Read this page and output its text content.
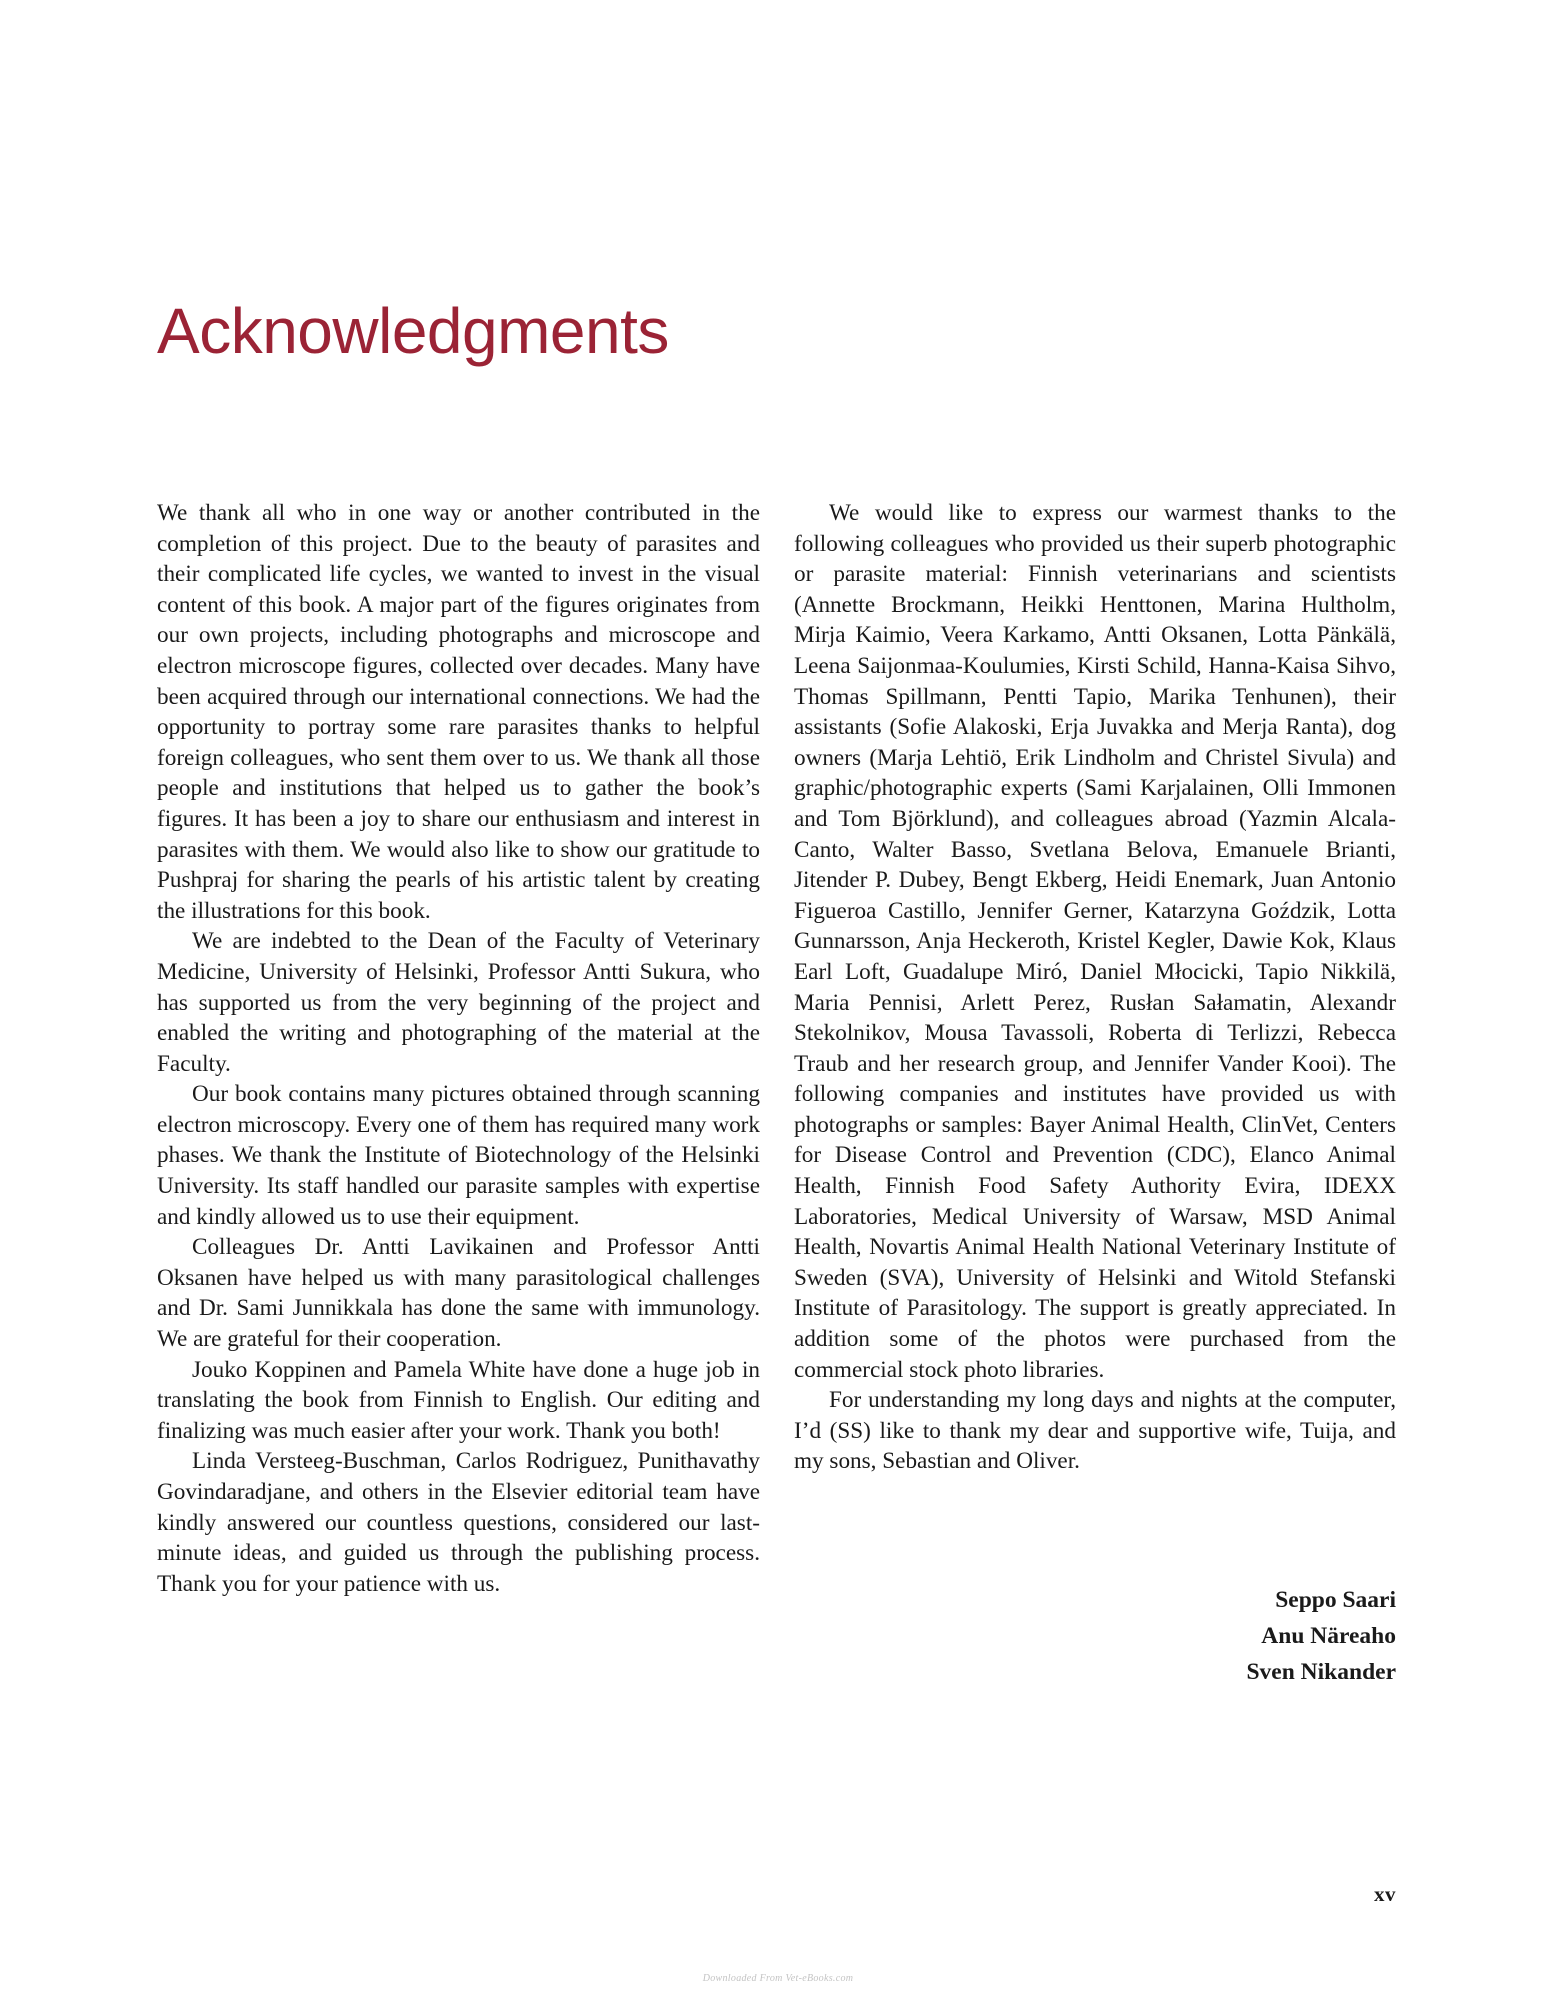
Acknowledgments

We thank all who in one way or another contributed in the completion of this project. Due to the beauty of parasites and their complicated life cycles, we wanted to invest in the visual content of this book. A major part of the figures originates from our own projects, including photographs and microscope and electron microscope figures, collected over decades. Many have been acquired through our international connections. We had the opportunity to portray some rare parasites thanks to helpful foreign colleagues, who sent them over to us. We thank all those people and institutions that helped us to gather the book’s figures. It has been a joy to share our enthusiasm and interest in parasites with them. We would also like to show our gratitude to Pushpraj for sharing the pearls of his artistic talent by creating the illustrations for this book.

We are indebted to the Dean of the Faculty of Veterinary Medicine, University of Helsinki, Professor Antti Sukura, who has supported us from the very beginning of the project and enabled the writing and photographing of the material at the Faculty.

Our book contains many pictures obtained through scanning electron microscopy. Every one of them has required many work phases. We thank the Institute of Biotechnology of the Helsinki University. Its staff handled our parasite samples with expertise and kindly allowed us to use their equipment.

Colleagues Dr. Antti Lavikainen and Professor Antti Oksanen have helped us with many parasitological challenges and Dr. Sami Junnikkala has done the same with immunology. We are grateful for their cooperation.

Jouko Koppinen and Pamela White have done a huge job in translating the book from Finnish to English. Our editing and finalizing was much easier after your work. Thank you both!

Linda Versteeg-Buschman, Carlos Rodriguez, Punithavathy Govindaradjane, and others in the Elsevier editorial team have kindly answered our countless questions, considered our last-minute ideas, and guided us through the publishing process. Thank you for your patience with us.

We would like to express our warmest thanks to the following colleagues who provided us their superb photographic or parasite material: Finnish veterinarians and scientists (Annette Brockmann, Heikki Henttonen, Marina Hultholm, Mirja Kaimio, Veera Karkamo, Antti Oksanen, Lotta Pänkälä, Leena Saijonmaa-Koulumies, Kirsti Schild, Hanna-Kaisa Sihvo, Thomas Spillmann, Pentti Tapio, Marika Tenhunen), their assistants (Sofie Alakoski, Erja Juvakka and Merja Ranta), dog owners (Marja Lehtiö, Erik Lindholm and Christel Sivula) and graphic/photographic experts (Sami Karjalainen, Olli Immonen and Tom Björklund), and colleagues abroad (Yazmin Alcala-Canto, Walter Basso, Svetlana Belova, Emanuele Brianti, Jitender P. Dubey, Bengt Ekberg, Heidi Enemark, Juan Antonio Figueroa Castillo, Jennifer Gerner, Katarzyna Goździk, Lotta Gunnarsson, Anja Heckeroth, Kristel Kegler, Dawie Kok, Klaus Earl Loft, Guadalupe Miró, Daniel Młocicki, Tapio Nikkilä, Maria Pennisi, Arlett Perez, Rusłan Sałamatin, Alexandr Stekolnikov, Mousa Tavassoli, Roberta di Terlizzi, Rebecca Traub and her research group, and Jennifer Vander Kooi). The following companies and institutes have provided us with photographs or samples: Bayer Animal Health, ClinVet, Centers for Disease Control and Prevention (CDC), Elanco Animal Health, Finnish Food Safety Authority Evira, IDEXX Laboratories, Medical University of Warsaw, MSD Animal Health, Novartis Animal Health National Veterinary Institute of Sweden (SVA), University of Helsinki and Witold Stefanski Institute of Parasitology. The support is greatly appreciated. In addition some of the photos were purchased from the commercial stock photo libraries.

For understanding my long days and nights at the computer, I’d (SS) like to thank my dear and supportive wife, Tuija, and my sons, Sebastian and Oliver.

Seppo Saari
Anu Näreaho
Sven Nikander
xv
Downloaded From Vet-eBooks.com
